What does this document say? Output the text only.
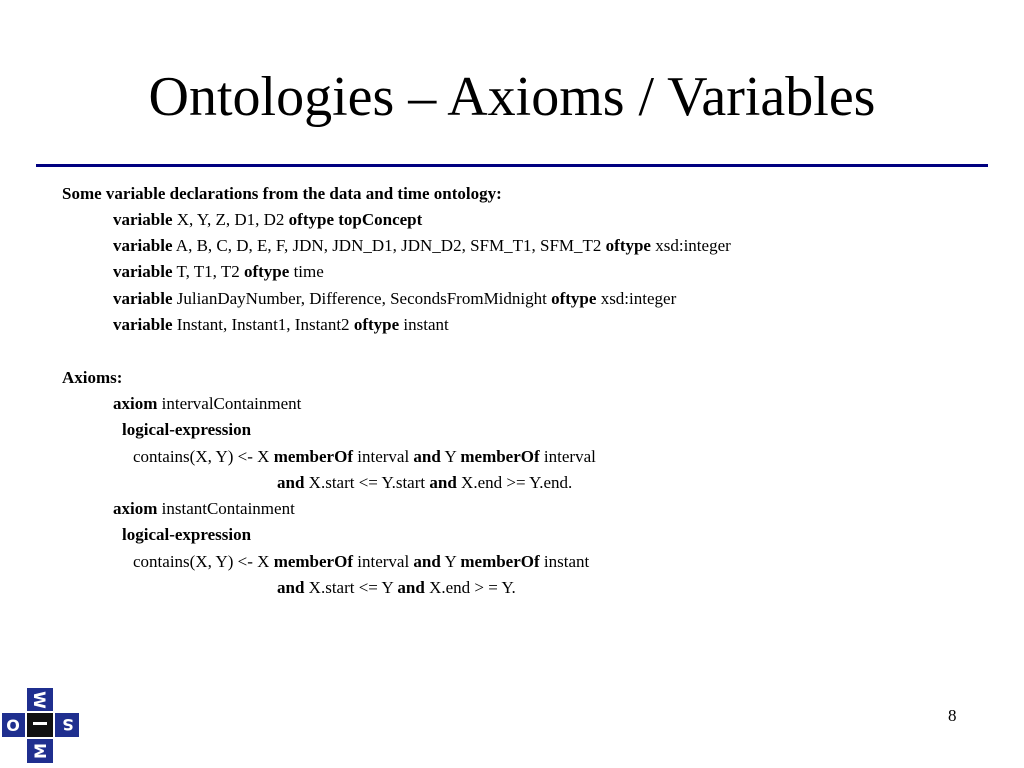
Ontologies – Axioms / Variables
Some variable declarations from the data and time ontology:
variable X, Y, Z, D1, D2 oftype topConcept
variable A, B, C, D, E, F, JDN, JDN_D1, JDN_D2, SFM_T1, SFM_T2 oftype xsd:integer
variable T, T1, T2 oftype time
variable JulianDayNumber, Difference, SecondsFromMidnight oftype xsd:integer
variable Instant, Instant1, Instant2 oftype instant
Axioms:
axiom intervalContainment
logical-expression
contains(X, Y) <- X memberOf interval and Y memberOf interval
and X.start <= Y.start and X.end >= Y.end.
axiom instantContainment
logical-expression
contains(X, Y) <- X memberOf interval and Y memberOf instant
and X.start <= Y and X.end > = Y.
8
W
S
M
O
